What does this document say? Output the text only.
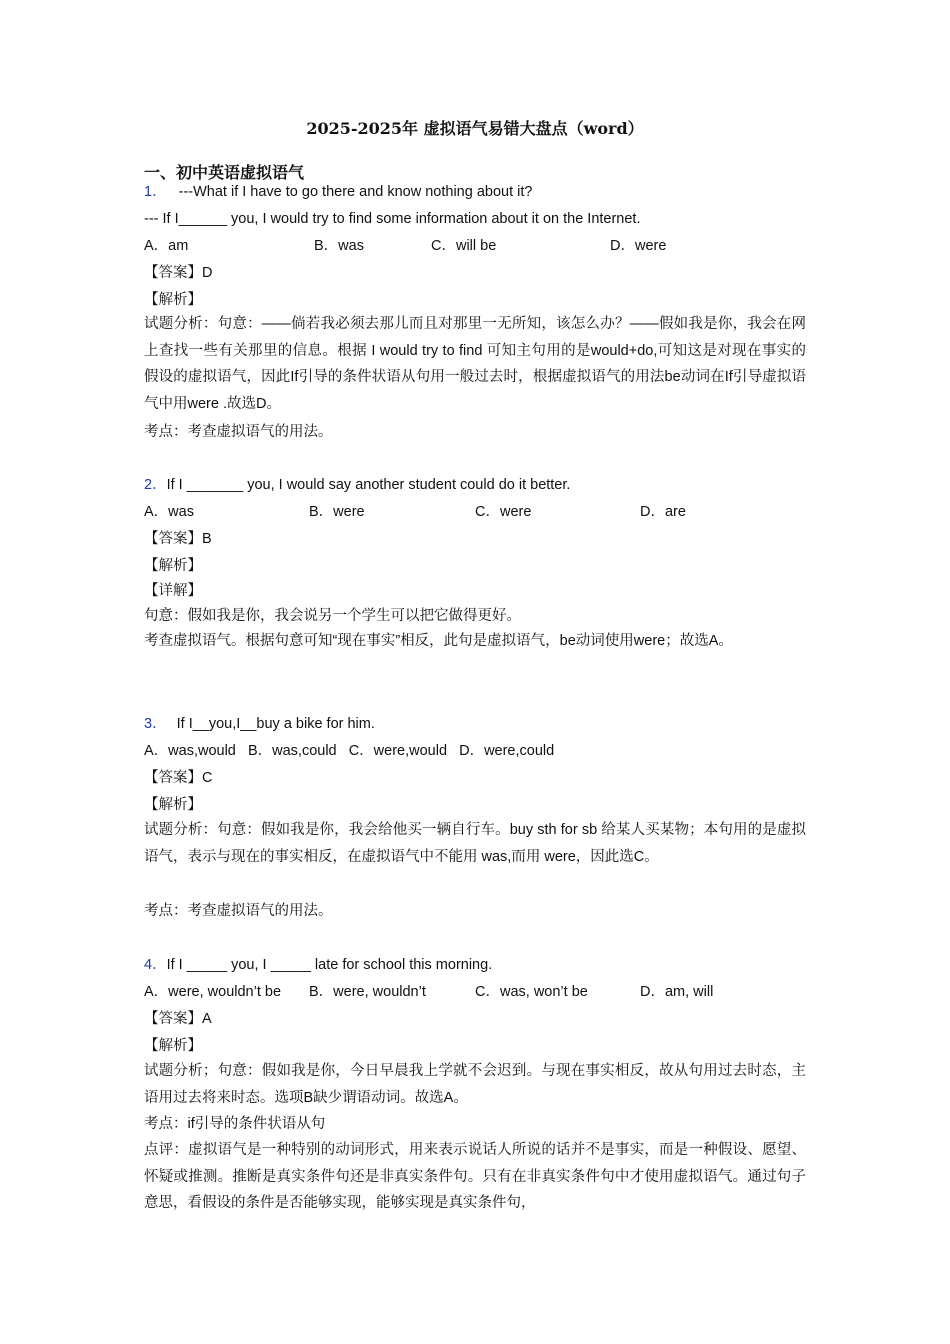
2025-2025年 虚拟语气易错大盘点（word）
一、初中英语虚拟语气
1． ---What if I have to go there and know nothing about it?
--- If I______ you, I would try to find some information about it on the Internet.
A．am	B．was	C．will be	D．were
【答案】D
【解析】
试题分析：句意：——倘若我必须去那儿而且对那里一无所知，该怎么办？——假如我是你，我会在网上查找一些有关那里的信息。根据 I would try to find 可知主句用的是would+do,可知这是对现在事实的假设的虚拟语气，因此If引导的条件状语从句用一般过去时，根据虚拟语气的用法be动词在If引导虚拟语气中用were .故选D。
考点：考查虚拟语气的用法。
2．If I _______ you, I would say another student could do it better.
A．was	B．were	C．were	D．are
【答案】B
【解析】
【详解】
句意：假如我是你，我会说另一个学生可以把它做得更好。
考查虚拟语气。根据句意可知“现在事实”相反，此句是虚拟语气，be动词使用were；故选A。
3． If I__you,I__buy a bike for him.
A．was,would   B．was,could   C．were,would   D．were,could
【答案】C
【解析】
试题分析：句意：假如我是你，我会给他买一辆自行车。buy sth for sb 给某人买某物；本句用的是虚拟语气，表示与现在的事实相反，在虚拟语气中不能用 was,而用 were，因此选C。
考点：考查虚拟语气的用法。
4．If I _____ you, I _____ late for school this morning.
A．were, wouldn’t be B．were, wouldn’t	C．was, won’t be	D．am, will
【答案】A
【解析】
试题分析；句意：假如我是你，今日早晨我上学就不会迟到。与现在事实相反，故从句用过去时态，主语用过去将来时态。选项B缺少谓语动词。故选A。
考点：if引导的条件状语从句
点评：虚拟语气是一种特别的动词形式，用来表示说话人所说的话并不是事实，而是一种假设、愿望、怀疑或推测。推断是真实条件句还是非真实条件句。只有在非真实条件句中才使用虚拟语气。通过句子意思，看假设的条件是否能够实现，能够实现是真实条件句，
